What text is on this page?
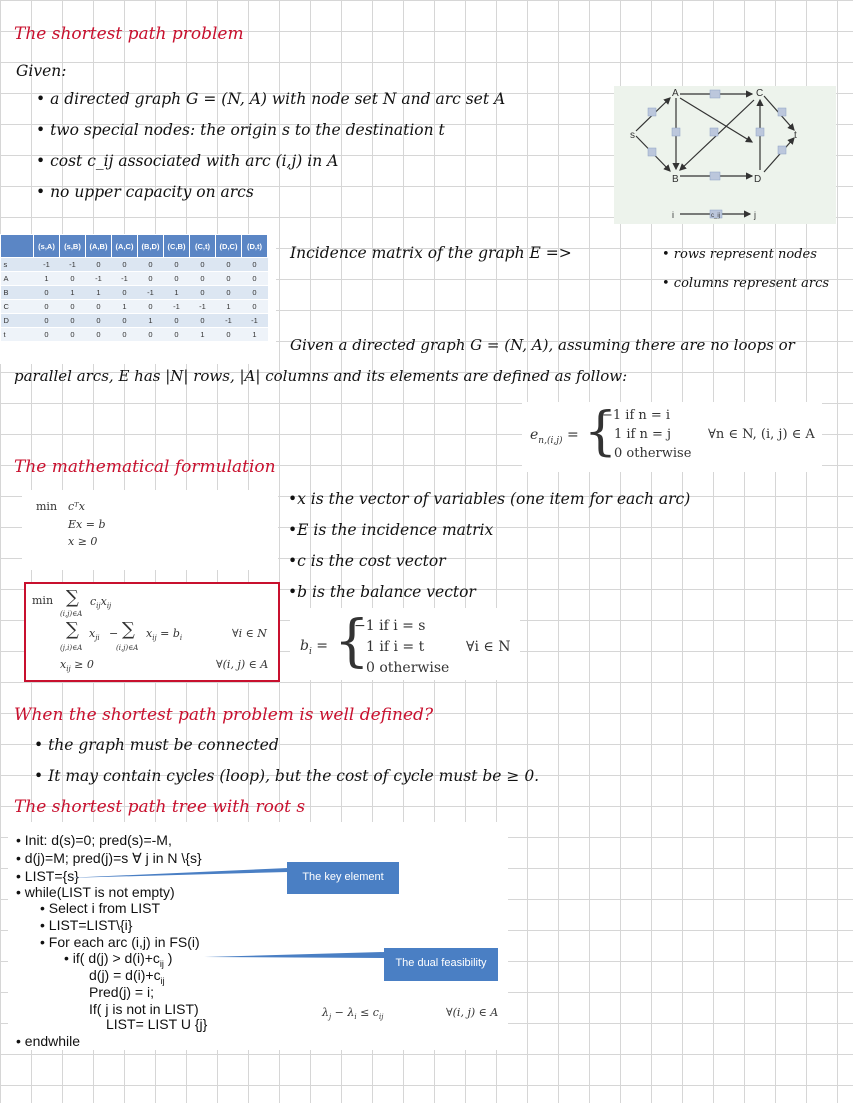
The shortest path problem
Given:
• a directed graph G = (N, A) with node set N and arc set A
• two special nodes: the origin s to the destination t
• cost c_ij associated with arc (i,j) in A
• no upper capacity on arcs
s
A	C
t
B	D
i	j
c_ij
	(s,A)	(s,B)	(A,B)	(A,C)	(B,D)	(C,B)	(C,t)	(D,C)	(D,t)
s	-1	-1	0	0	0	0	0	0	0
A	1	0	-1	-1	0	0	0	0	0
B	0	1	1	0	-1	1	0	0	0
C	0	0	0	1	0	-1	-1	1	0
D	0	0	0	0	1	0	0	-1	-1
t	0	0	0	0	0	0	1	0	1
Incidence matrix of the graph E =>	• rows represent nodes
• columns represent arcs
Given a directed graph G = (N, A), assuming there are no loops or
parallel arcs, E has |N| rows, |A| columns and its elements are defined as follow:
$e_{n,(i,j)}$ = {
−1 if n = i
1 if n = j
0 otherwise
∀n ∈ N, (i, j) ∈ A
The mathematical formulation
min cᵀx
Ex = b
x ≥ 0
min ∑
(i,j)∈A
$c_{ij}x_{ij}$
∑
(j,i)∈A
$x_{ji}$ − ∑
(i,j)∈A
$x_{ij} = b_i$	∀i ∈ N
$x_{ij} \ge 0$	∀(i, j) ∈ A
•x is the vector of variables (one item for each arc)
•E is the incidence matrix
•c is the cost vector
•b is the balance vector
$b_i$ = {
−1 if i = s
1 if i = t
0 otherwise
∀i ∈ N
When the shortest path problem is well defined?
• the graph must be connected
• It may contain cycles (loop), but the cost of cycle must be ≥ 0.
The shortest path tree with root s
• Init: d(s)=0; pred(s)=-M,
• d(j)=M; pred(j)=s ∀ j in N \{s}
• LIST={s}
• while(LIST is not empty)
• Select i from LIST
• LIST=LIST\{i}
• For each arc (i,j) in FS(i)
• if( $d(j) > d(i)+c_{ij}$ )
$d(j) = d(i)+c_{ij}$
Pred(j) = i;
If( j is not in LIST)
LIST= LIST U {j}
• endwhile
$\lambda_j - \lambda_i \le c_{ij}$	∀(i, j) ∈ A
The key element
The dual feasibility
